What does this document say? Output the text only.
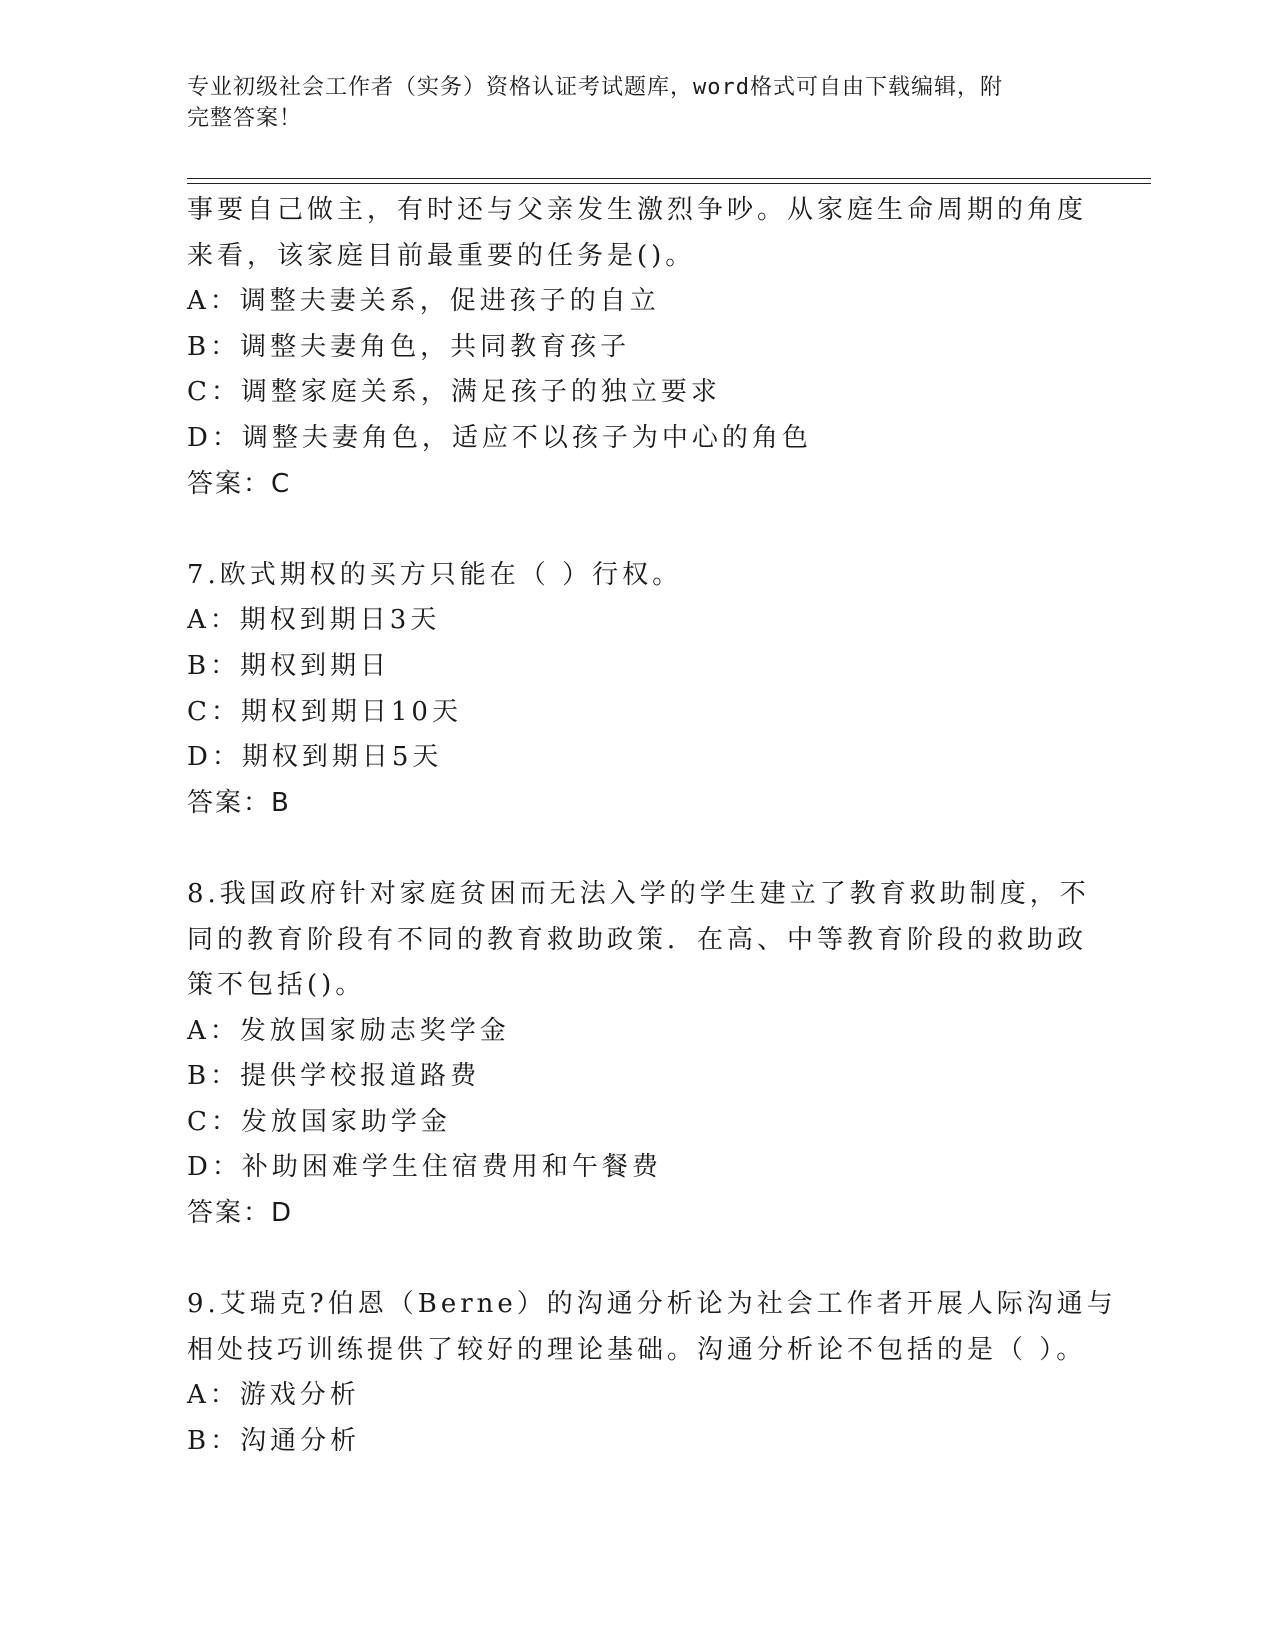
专业初级社会工作者（实务）资格认证考试题库，word格式可自由下载编辑，附
完整答案！
事要自己做主，有时还与父亲发生激烈争吵。从家庭生命周期的角度
来看，该家庭目前最重要的任务是()。
A：调整夫妻关系，促进孩子的自立
B：调整夫妻角色，共同教育孩子
C：调整家庭关系，满足孩子的独立要求
D：调整夫妻角色，适应不以孩子为中心的角色
答案：C
7.欧式期权的买方只能在（ ）行权。
A：期权到期日3天
B：期权到期日
C：期权到期日10天
D：期权到期日5天
答案：B
8.我国政府针对家庭贫困而无法入学的学生建立了教育救助制度，不
同的教育阶段有不同的教育救助政策．在高、中等教育阶段的救助政
策不包括()。
A：发放国家励志奖学金
B：提供学校报道路费
C：发放国家助学金
D：补助困难学生住宿费用和午餐费
答案：D
9.艾瑞克?伯恩（Berne）的沟通分析论为社会工作者开展人际沟通与
相处技巧训练提供了较好的理论基础。沟通分析论不包括的是（ ）。
A：游戏分析
B：沟通分析
